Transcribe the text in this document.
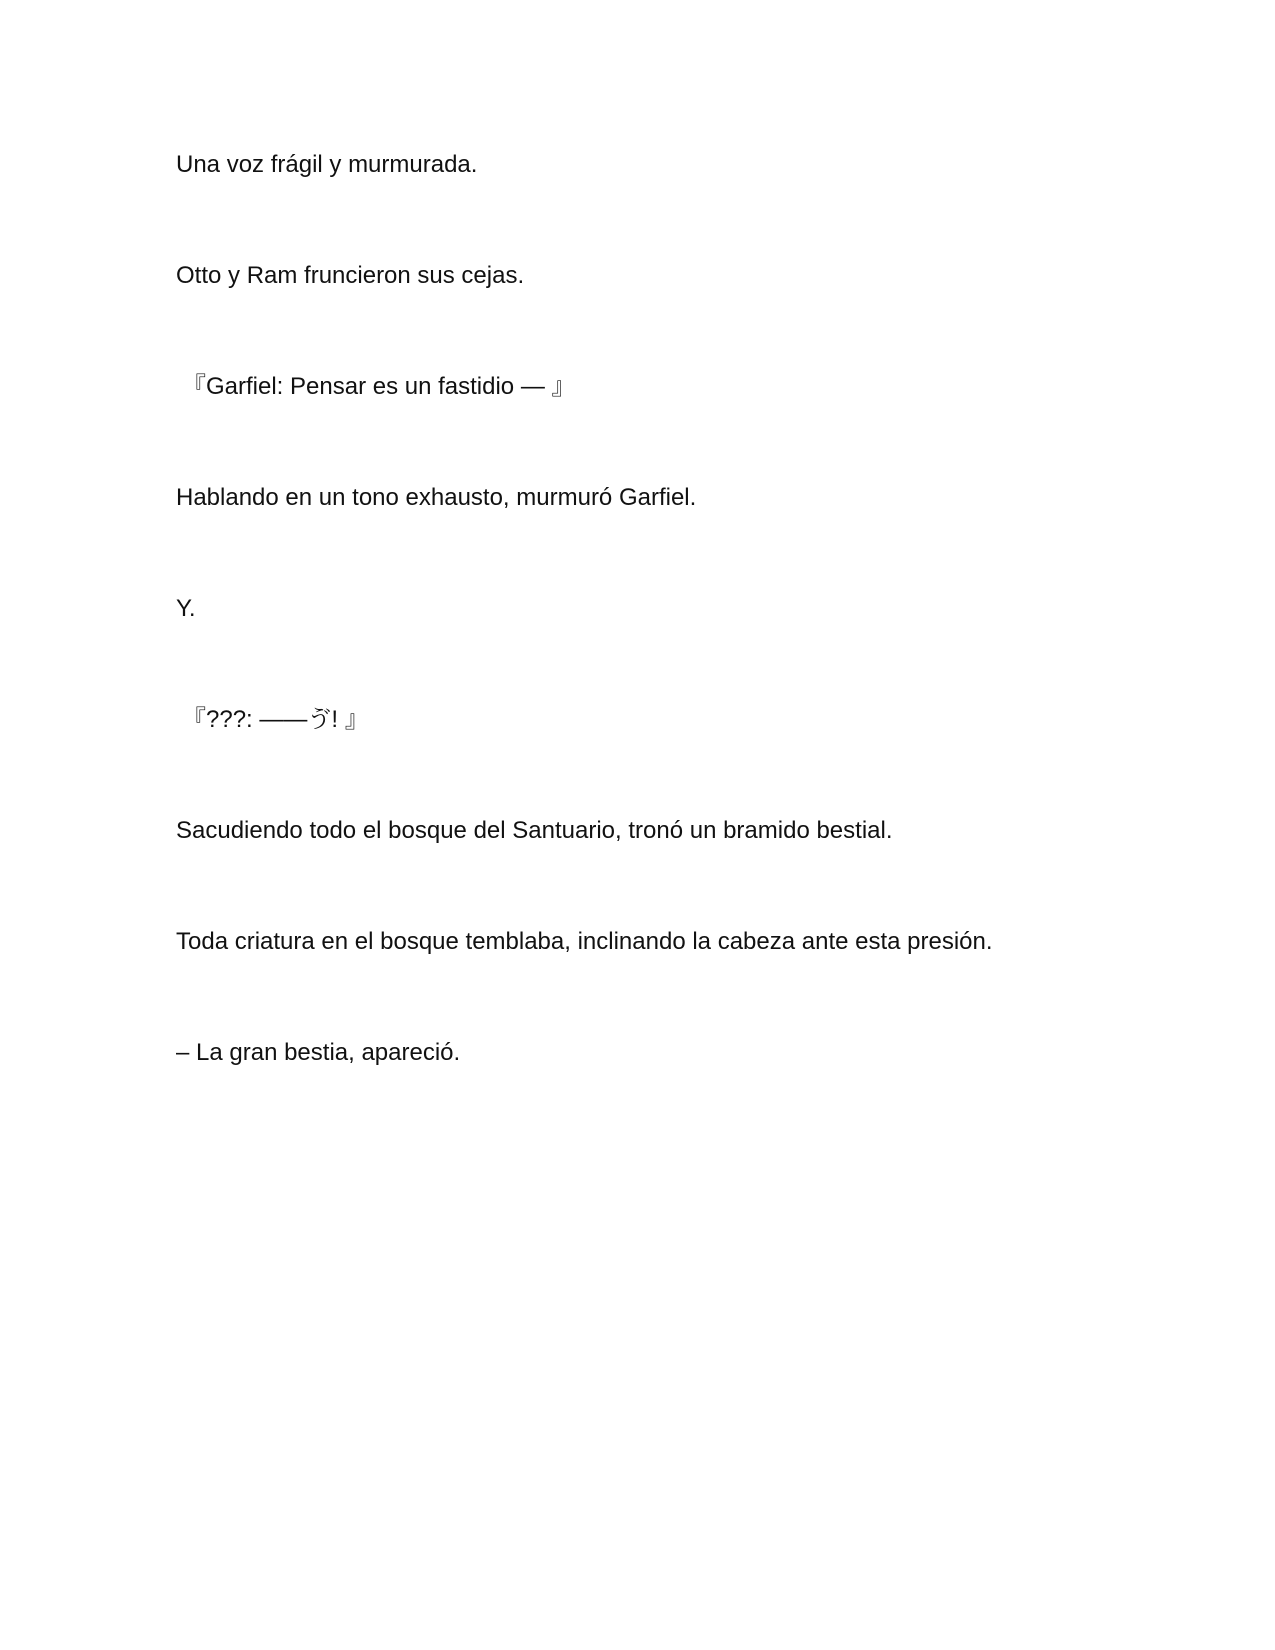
Una voz frágil y murmurada.

Otto y Ram fruncieron sus cejas.

『Garfiel: Pensar es un fastidio — 』

Hablando en un tono exhausto, murmuró Garfiel.

Y.

『???: ——ゔ! 』

Sacudiendo todo el bosque del Santuario, tronó un bramido bestial.

Toda criatura en el bosque temblaba, inclinando la cabeza ante esta presión.

– La gran bestia, apareció.
